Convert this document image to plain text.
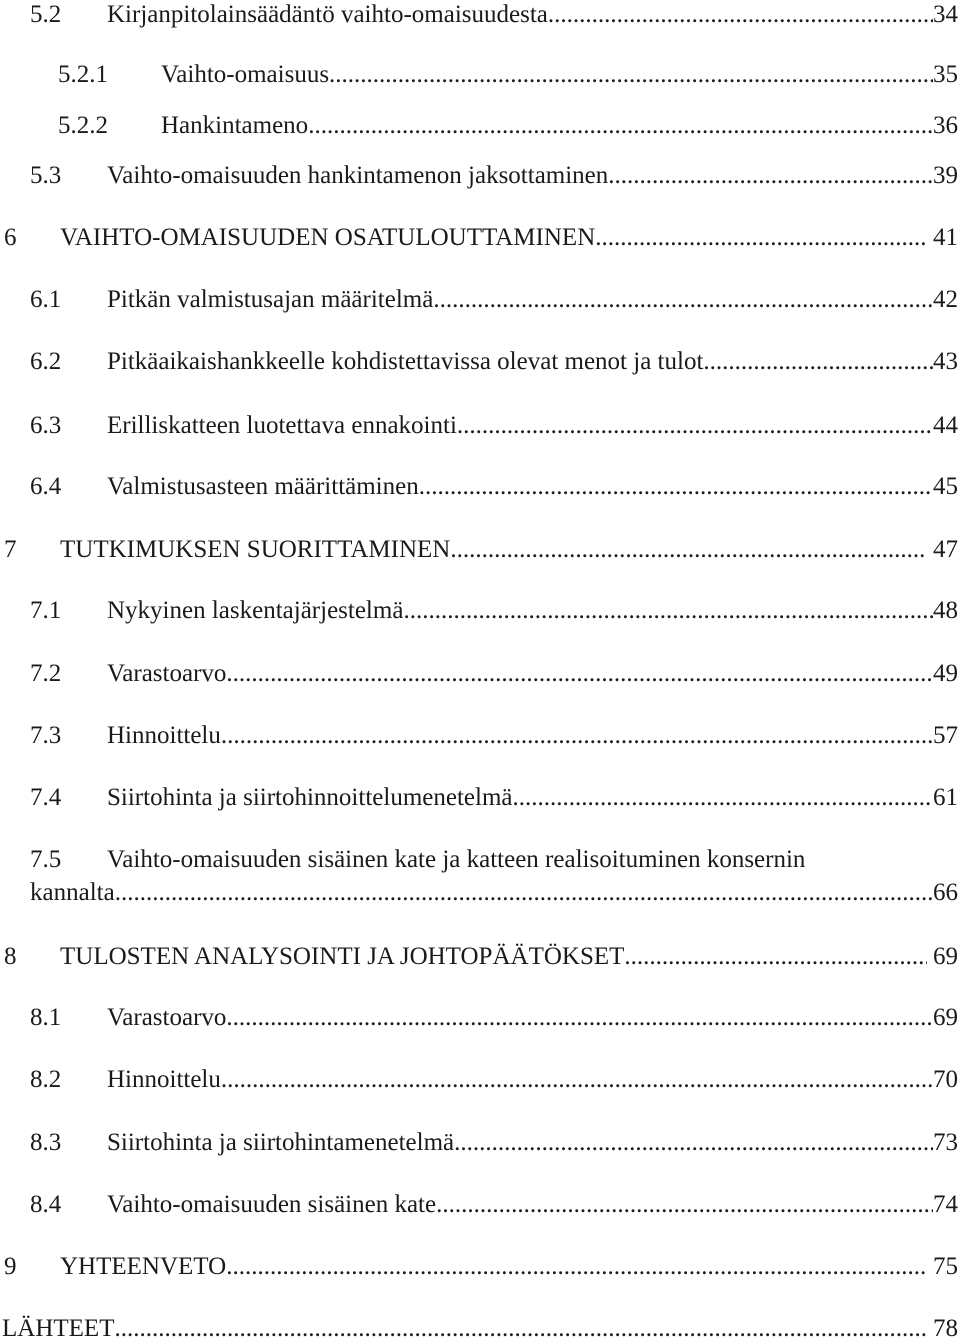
5.2	Kirjanpitolainsäädäntö vaihto-omaisuudesta .....	34
5.2.1	Vaihto-omaisuus .....	35
5.2.2	Hankintameno .....	36
5.3	Vaihto-omaisuuden hankintamenon jaksottaminen .....	39
6	VAIHTO-OMAISUUDEN OSATULOUTTAMINEN .....	41
6.1	Pitkän valmistusajan määritelmä .....	42
6.2	Pitkäaikaishankkeelle kohdistettavissa olevat menot ja tulot .....	43
6.3	Erilliskatteen luotettava ennakointi .....	44
6.4	Valmistusasteen määrittäminen .....	45
7	TUTKIMUKSEN SUORITTAMINEN .....	47
7.1	Nykyinen laskentajärjestelmä .....	48
7.2	Varastoarvo .....	49
7.3	Hinnoittelu .....	57
7.4	Siirtohinta ja siirtohinnoittelumenetelmä .....	61
7.5 Vaihto-omaisuuden sisäinen kate ja katteen realisoituminen konsernin
kannalta .....	66
8	TULOSTEN ANALYSOINTI JA JOHTOPÄÄTÖKSET .....	69
8.1	Varastoarvo .....	69
8.2	Hinnoittelu .....	70
8.3	Siirtohinta ja siirtohintamenetelmä .....	73
8.4	Vaihto-omaisuuden sisäinen kate .....	74
9	YHTEENVETO .....	75
LÄHTEET .....	78
